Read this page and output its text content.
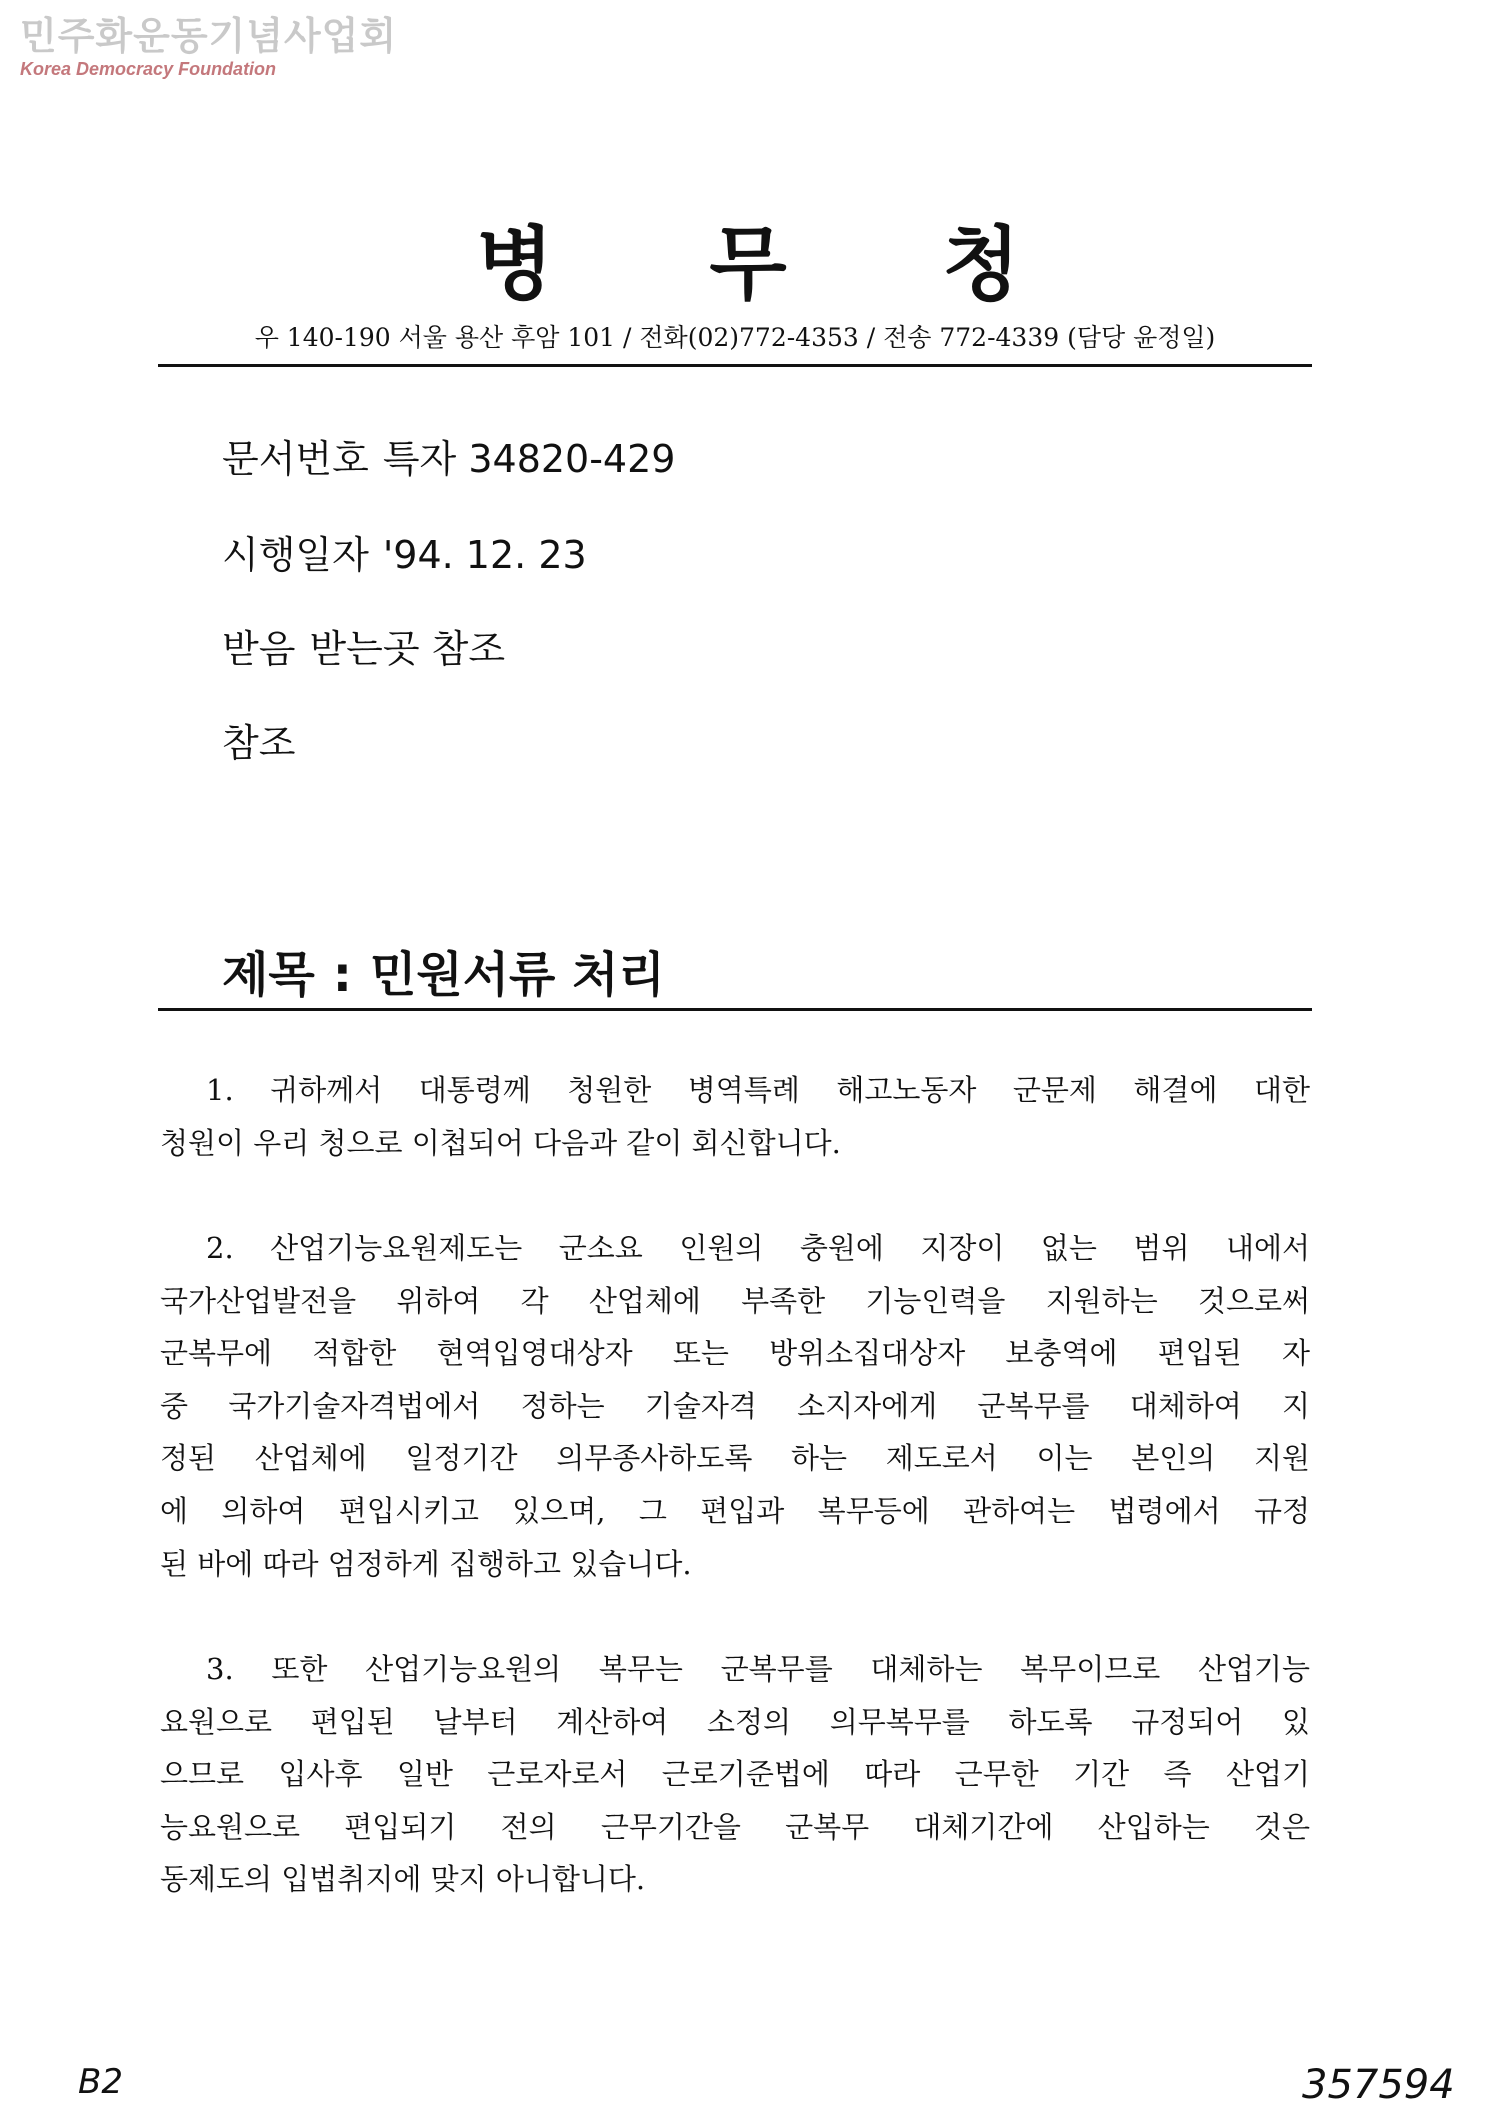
민주화운동기념사업회
Korea Democracy Foundation
병 무 청
우 140-190 서울 용산 후암 101 / 전화(02)772-4353 / 전송 772-4339 (담당 윤정일)
문서번호 특자 34820-429
시행일자 '94. 12. 23
받음 받는곳 참조
참조
제목 : 민원서류 처리
1. 귀하께서 대통령께 청원한 병역특례 해고노동자 군문제 해결에 대한
청원이 우리 청으로 이첩되어 다음과 같이 회신합니다.
2. 산업기능요원제도는 군소요 인원의 충원에 지장이 없는 범위 내에서
국가산업발전을 위하여 각 산업체에 부족한 기능인력을 지원하는 것으로써
군복무에 적합한 현역입영대상자 또는 방위소집대상자 보충역에 편입된 자
중 국가기술자격법에서 정하는 기술자격 소지자에게 군복무를 대체하여 지
정된 산업체에 일정기간 의무종사하도록 하는 제도로서 이는 본인의 지원
에 의하여 편입시키고 있으며, 그 편입과 복무등에 관하여는 법령에서 규정
된 바에 따라 엄정하게 집행하고 있습니다.
3. 또한 산업기능요원의 복무는 군복무를 대체하는 복무이므로 산업기능
요원으로 편입된 날부터 계산하여 소정의 의무복무를 하도록 규정되어 있
으므로 입사후 일반 근로자로서 근로기준법에 따라 근무한 기간 즉 산업기
능요원으로 편입되기 전의 근무기간을 군복무 대체기간에 산입하는 것은
동제도의 입법취지에 맞지 아니합니다.
B2	357594
